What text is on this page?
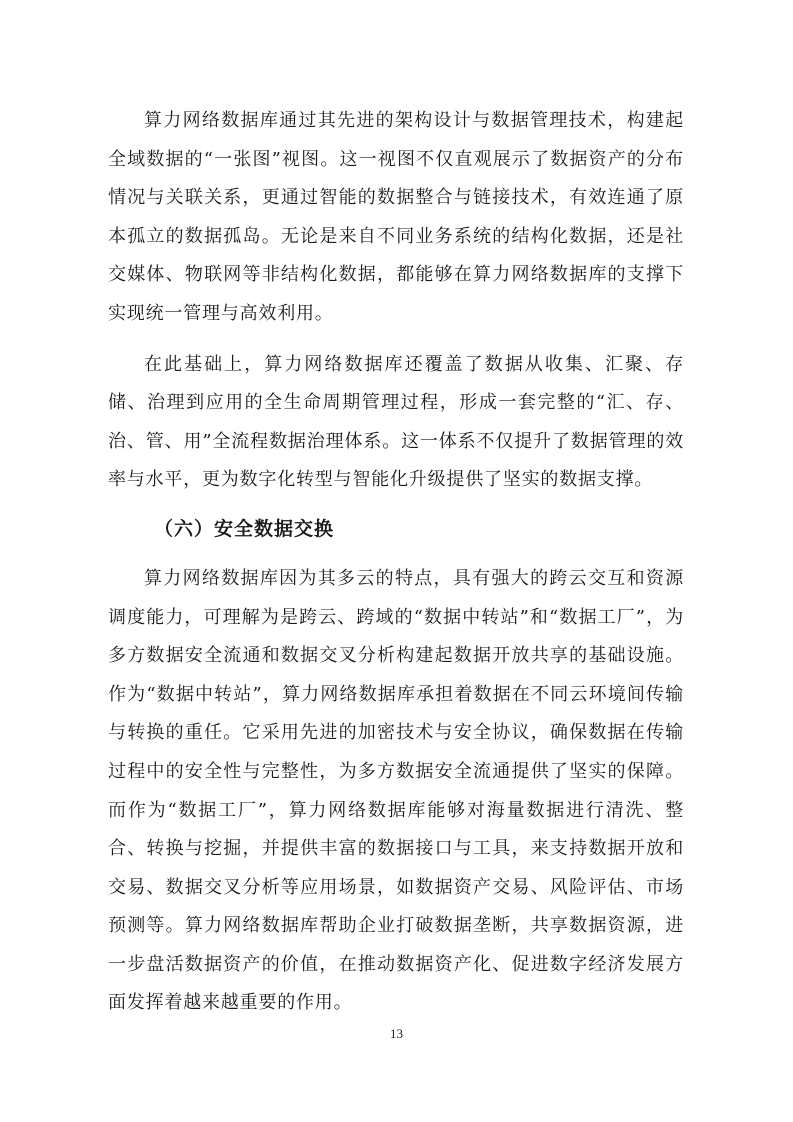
算力网络数据库通过其先进的架构设计与数据管理技术，构建起全域数据的“一张图”视图。这一视图不仅直观展示了数据资产的分布情况与关联关系，更通过智能的数据整合与链接技术，有效连通了原本孤立的数据孤岛。无论是来自不同业务系统的结构化数据，还是社交媒体、物联网等非结构化数据，都能够在算力网络数据库的支撑下实现统一管理与高效利用。

在此基础上，算力网络数据库还覆盖了数据从收集、汇聚、存储、治理到应用的全生命周期管理过程，形成一套完整的“汇、存、治、管、用”全流程数据治理体系。这一体系不仅提升了数据管理的效率与水平，更为数字化转型与智能化升级提供了坚实的数据支撑。

（六）安全数据交换

算力网络数据库因为其多云的特点，具有强大的跨云交互和资源调度能力，可理解为是跨云、跨域的“数据中转站”和“数据工厂”，为多方数据安全流通和数据交叉分析构建起数据开放共享的基础设施。作为“数据中转站”，算力网络数据库承担着数据在不同云环境间传输与转换的重任。它采用先进的加密技术与安全协议，确保数据在传输过程中的安全性与完整性，为多方数据安全流通提供了坚实的保障。而作为“数据工厂”，算力网络数据库能够对海量数据进行清洗、整合、转换与挖掘，并提供丰富的数据接口与工具，来支持数据开放和交易、数据交叉分析等应用场景，如数据资产交易、风险评估、市场预测等。算力网络数据库帮助企业打破数据垄断，共享数据资源，进一步盘活数据资产的价值，在推动数据资产化、促进数字经济发展方面发挥着越来越重要的作用。

13
